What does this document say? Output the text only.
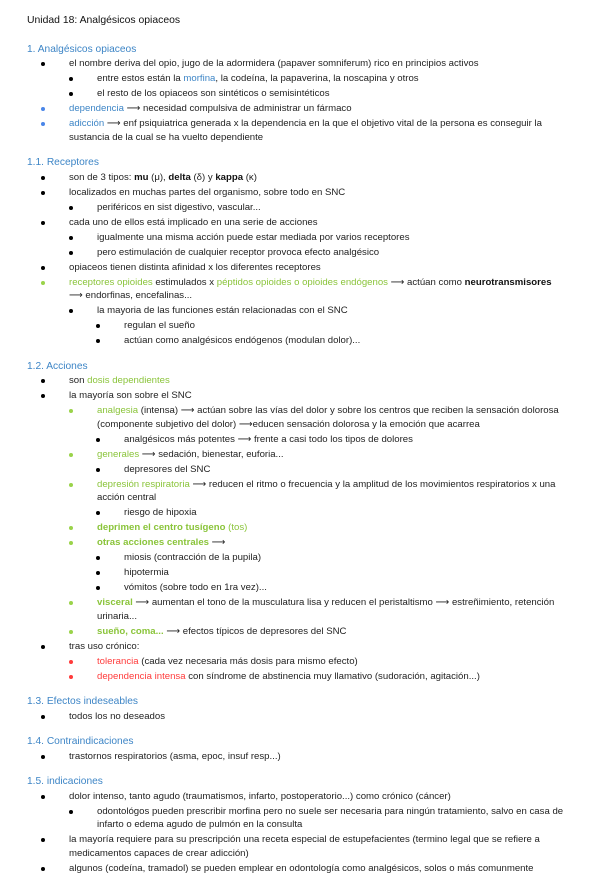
Unidad 18: Analgésicos opiaceos
1. Analgésicos opiaceos
el nombre deriva del opio, jugo de la adormidera (papaver somniferum) rico en principios activos
entre estos están la morfina, la codeína, la papaverina, la noscapina y otros
el resto de los opiaceos son sintéticos o semisintéticos
dependencia ⟶ necesidad compulsiva de administrar un fármaco
adicción ⟶ enf psiquiatrica generada x la dependencia en la que el objetivo vital de la persona es conseguir la sustancia de la cual se ha vuelto dependiente
1.1. Receptores
son de 3 tipos: mu (μ), delta (δ) y kappa (κ)
localizados en muchas partes del organismo, sobre todo en SNC
periféricos en sist digestivo, vascular...
cada uno de ellos está implicado en una serie de acciones
igualmente una misma acción puede estar mediada por varios receptores
pero estimulación de cualquier receptor provoca efecto analgésico
opiaceos tienen distinta afinidad x los diferentes receptores
receptores opioides estimulados x péptidos opioides o opioides endógenos ⟶ actúan como neurotransmisores
⟶ endorfinas, encefalinas...
la mayoria de las funciones están relacionadas con el SNC
regulan el sueño
actúan como analgésicos endógenos (modulan dolor)...
1.2. Acciones
son dosis dependientes
la mayoría son sobre el SNC
analgesia (intensa) ⟶ actúan sobre las vías del dolor y sobre los centros que reciben la sensación dolorosa (componente subjetivo del dolor) ⟶educen sensación dolorosa y la emoción que acarrea
analgésicos más potentes ⟶ frente a casi todo los tipos de dolores
generales ⟶ sedación, bienestar, euforia...
depresores del SNC
depresión respiratoria ⟶ reducen el ritmo o frecuencia y la amplitud de los movimientos respiratorios x una acción central
riesgo de hipoxia
deprimen el centro tusígeno (tos)
otras acciones centrales ⟶
miosis (contracción de la pupila)
hipotermia
vómitos (sobre todo en 1ra vez)...
visceral ⟶ aumentan el tono de la musculatura lisa y reducen el peristaltismo ⟶ estreñimiento, retención urinaria...
sueño, coma... ⟶ efectos típicos de depresores del SNC
tras uso crónico:
tolerancia (cada vez necesaria más dosis para mismo efecto)
dependencia intensa con síndrome de abstinencia muy llamativo (sudoración, agitación...)
1.3. Efectos indeseables
todos los no deseados
1.4. Contraindicaciones
trastornos respiratorios (asma, epoc, insuf resp...)
1.5. indicaciones
dolor intenso, tanto agudo (traumatismos, infarto, postoperatorio...) como crónico (cáncer)
odontológos pueden prescribir morfina pero no suele ser necesaria para ningún tratamiento, salvo en casa de infarto o edema agudo de pulmón en la consulta
la mayoría requiere para su prescripción una receta especial de estupefacientes (termino legal que se refiere a medicamentos capaces de crear adicción)
algunos (codeína, tramadol) se pueden emplear en odontología como analgésicos, solos o más comunmente
